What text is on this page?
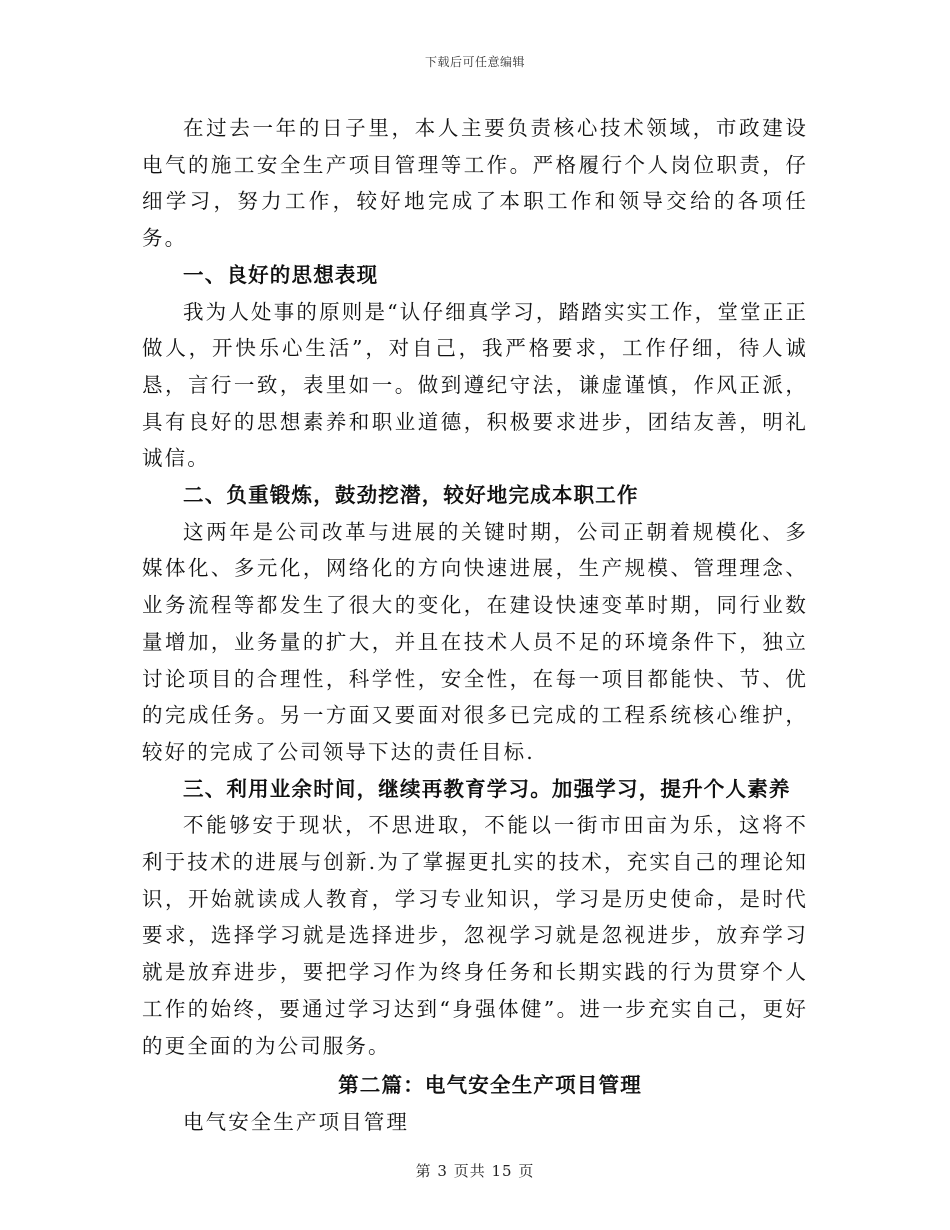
下载后可任意编辑

在过去一年的日子里，本人主要负责核心技术领域，市政建设电气的施工安全生产项目管理等工作。严格履行个人岗位职责，仔细学习，努力工作，较好地完成了本职工作和领导交给的各项任务。

一、良好的思想表现

我为人处事的原则是“认仔细真学习，踏踏实实工作，堂堂正正做人，开快乐心生活”，对自己，我严格要求，工作仔细，待人诚恳，言行一致，表里如一。做到遵纪守法，谦虚谨慎，作风正派，具有良好的思想素养和职业道德，积极要求进步，团结友善，明礼诚信。

二、负重锻炼，鼓劲挖潜，较好地完成本职工作

这两年是公司改革与进展的关键时期，公司正朝着规模化、多媒体化、多元化，网络化的方向快速进展，生产规模、管理理念、业务流程等都发生了很大的变化，在建设快速变革时期，同行业数量增加，业务量的扩大，并且在技术人员不足的环境条件下，独立讨论项目的合理性，科学性，安全性，在每一项目都能快、节、优的完成任务。另一方面又要面对很多已完成的工程系统核心维护，较好的完成了公司领导下达的责任目标.

三、利用业余时间，继续再教育学习。加强学习，提升个人素养

不能够安于现状，不思进取，不能以一街市田亩为乐，这将不利于技术的进展与创新.为了掌握更扎实的技术，充实自己的理论知识，开始就读成人教育，学习专业知识，学习是历史使命，是时代要求，选择学习就是选择进步，忽视学习就是忽视进步，放弃学习就是放弃进步，要把学习作为终身任务和长期实践的行为贯穿个人工作的始终，要通过学习达到“身强体健”。进一步充实自己，更好的更全面的为公司服务。

第二篇：电气安全生产项目管理

电气安全生产项目管理

第 3 页共 15 页
